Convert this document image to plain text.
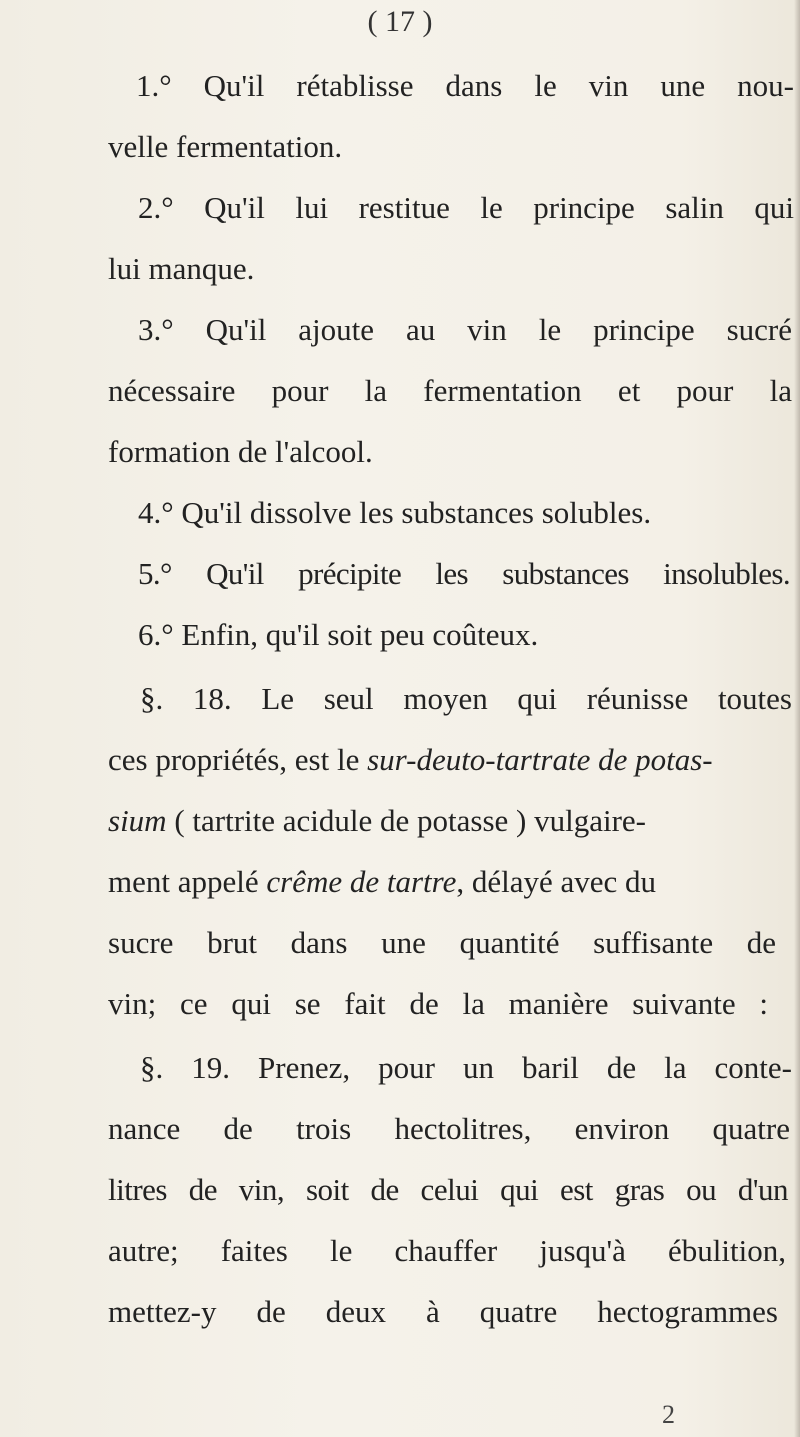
( 17 )
1.° Qu'il rétablisse dans le vin une nou-
velle fermentation.
2.° Qu'il lui restitue le principe salin qui
lui manque.
3.° Qu'il ajoute au vin le principe sucré
nécessaire pour la fermentation et pour la
formation de l'alcool.
4.° Qu'il dissolve les substances solubles.
5.° Qu'il précipite les substances insolubles.
6.° Enfin, qu'il soit peu coûteux.
§. 18. Le seul moyen qui réunisse toutes
ces propriétés, est le sur-deuto-tartrate de potas-
sium ( tartrite acidule de potasse ) vulgaire-
ment appelé crême de tartre, délayé avec du
sucre brut dans une quantité suffisante de
vin; ce qui se fait de la manière suivante :
§. 19. Prenez, pour un baril de la conte-
nance de trois hectolitres, environ quatre
litres de vin, soit de celui qui est gras ou d'un
autre; faites le chauffer jusqu'à ébulition,
mettez-y de deux à quatre hectogrammes
2
